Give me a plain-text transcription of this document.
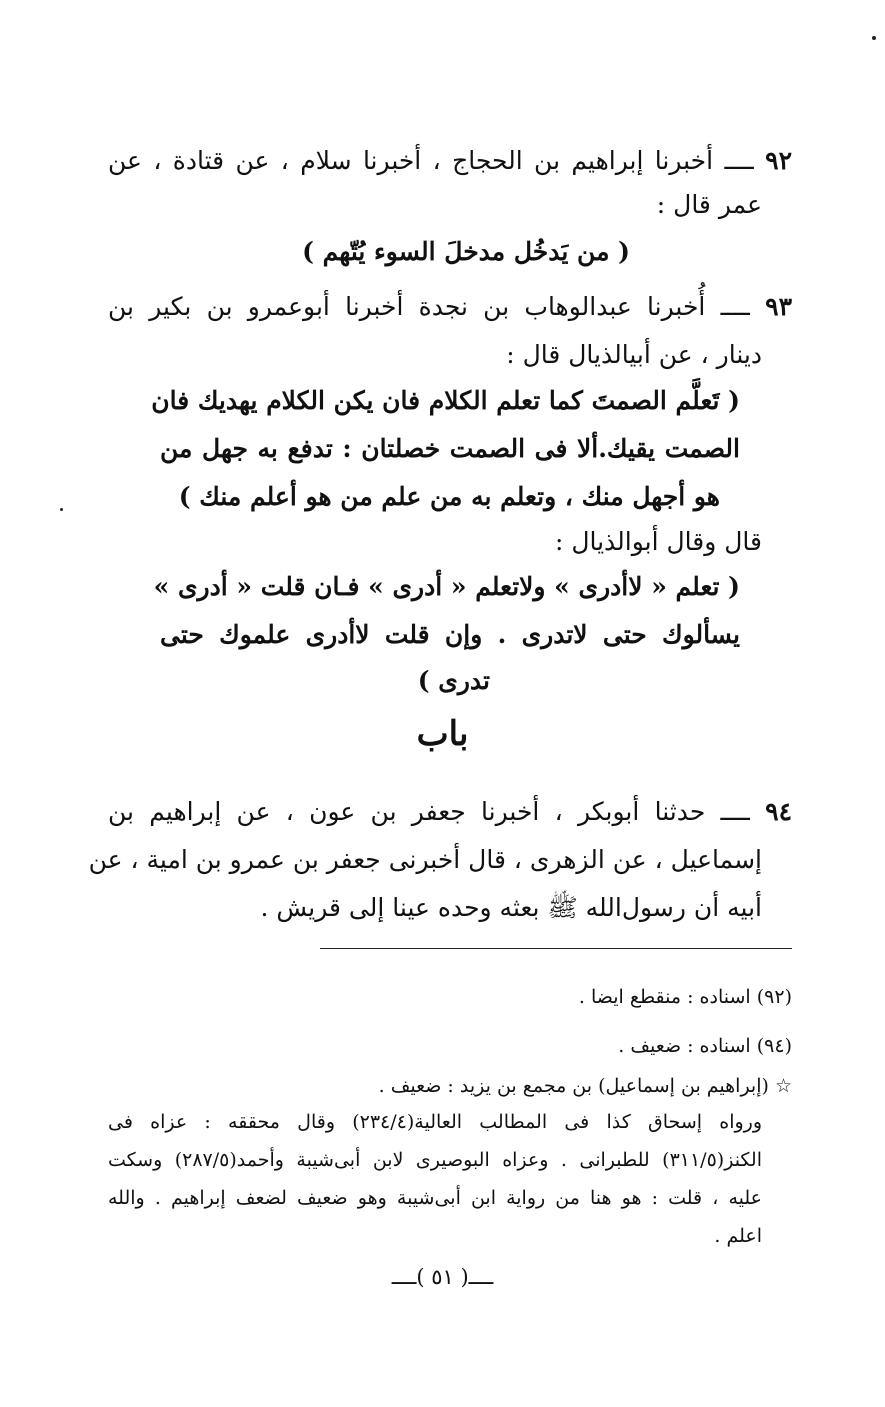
٩٢ ــــ أخبرنا إبراهيم بن الحجاج ، أخبرنا سلام ، عن قتادة ، عن
عمر قال :
( من يَدخُل مدخلَ السوء يُتّهم )
٩٣ ــــ أُخبرنا عبدالوهاب بن نجدة أخبرنا أبوعمرو بن بكير بن
دينار ، عن أبيالذيال قال :
( تَعلَّم الصمتَ كما تعلم الكلام فان يكن الكلام يهديك فان
الصمت يقيك.ألا فى الصمت خصلتان : تدفع به جهل من
هو أجهل منك ، وتعلم به من علم من هو أعلم منك )
قال وقال أبوالذيال :
( تعلم « لاأدرى » ولاتعلم « أدرى » فـان قلت « أدرى »
يسألوك حتى لاتدرى . وإن قلت لاأدرى علموك حتى
تدرى )
باب
٩٤ ــــ حدثنا أبوبكر ، أخبرنا جعفر بن عون ، عن إبراهيم بن
إسماعيل ، عن الزهرى ، قال أخبرنى جعفر بن عمرو بن امية ، عن
أبيه أن رسول‌الله ﷺ بعثه وحده عينا إلى قريش .
(٩٢) اسناده : منقطع ايضا .
(٩٤) اسناده : ضعيف .
☆ (إبراهيم بن إسماعيل) بن مجمع بن يزيد : ضعيف .
ورواه إسحاق كذا فى المطالب العالية(٢٣٤/٤) وقال محققه : عزاه فى
الكنز(٣١١/٥) للطبرانى . وعزاه البوصيرى لابن أبى‌شيبة وأحمد(٢٨٧/٥) وسكت
عليه ، قلت : هو هنا من رواية ابن أبى‌شيبة وهو ضعيف لضعف إبراهيم . والله
اعلم .
ــــ( ٥١ )ــــ
